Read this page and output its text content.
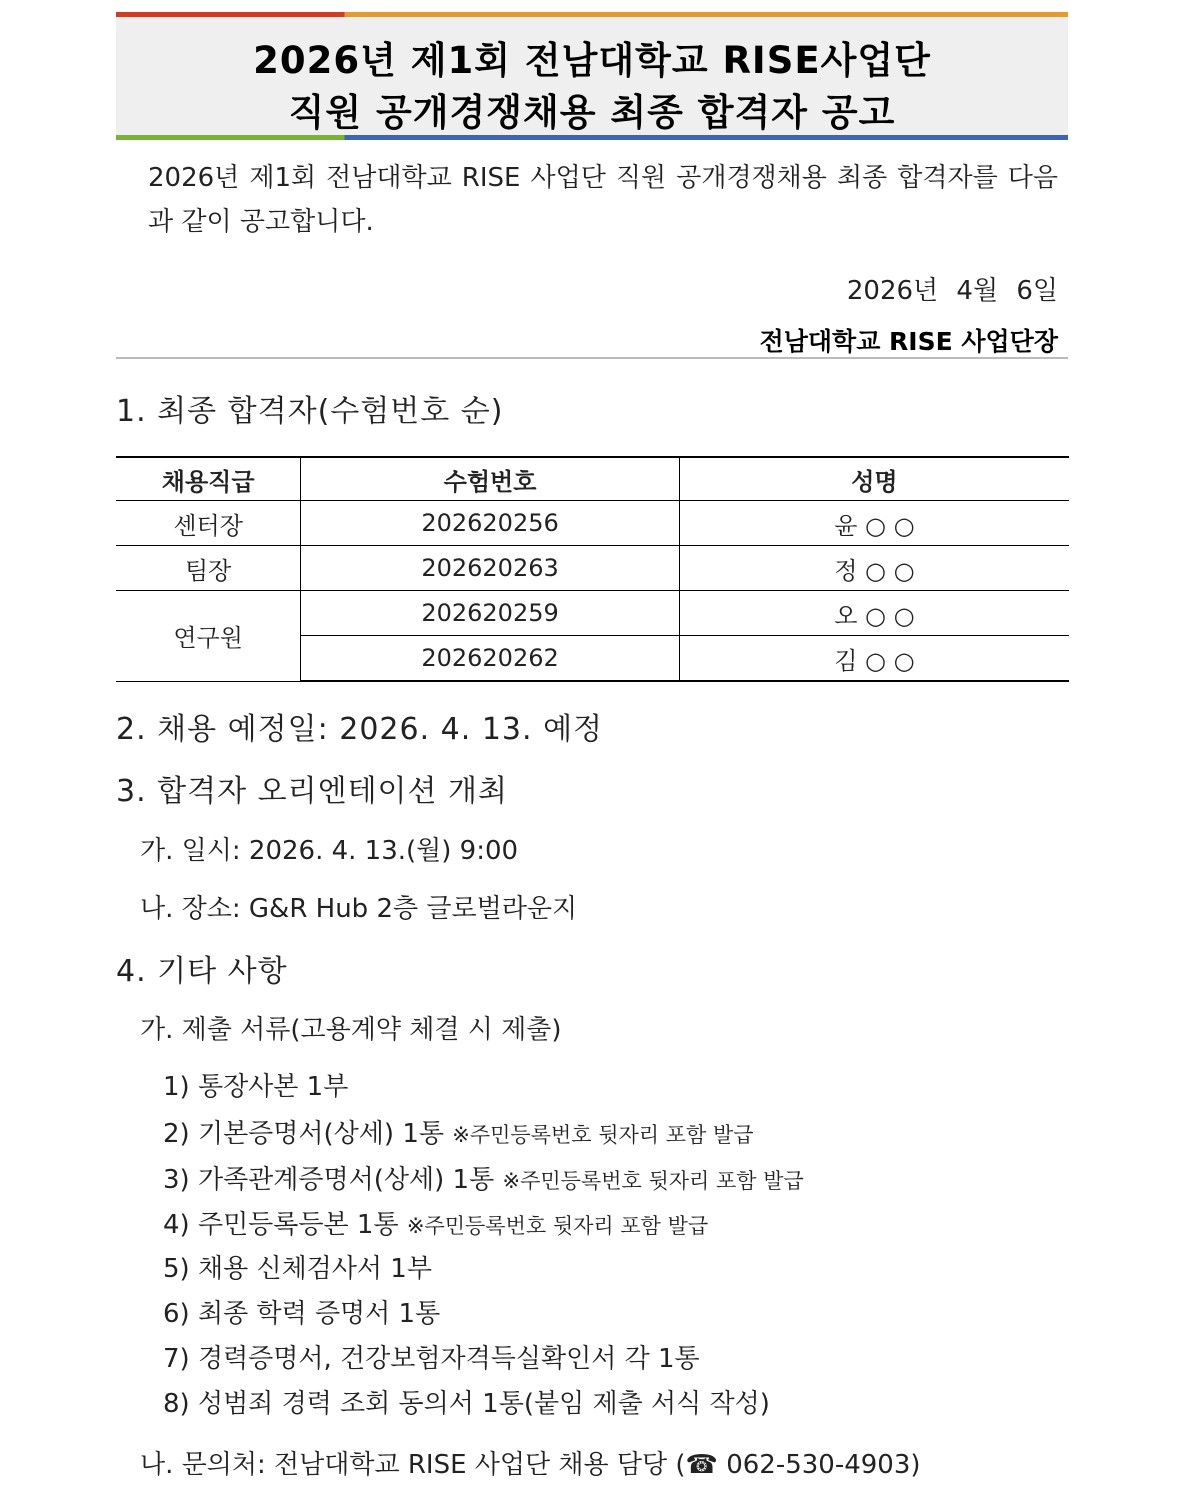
2026년 제1회 전남대학교 RISE사업단
직원 공개경쟁채용 최종 합격자 공고
2026년 제1회 전남대학교 RISE 사업단 직원 공개경쟁채용 최종 합격자를 다음과 같이 공고합니다.
2026년 4월 6일
전남대학교 RISE 사업단장
1. 최종 합격자(수험번호 순)
채용직급	수험번호	성명
센터장	202620256	윤 ○ ○
팀장	202620263	정 ○ ○
연구원	202620259	오 ○ ○
	202620262	김 ○ ○
2. 채용 예정일: 2026. 4. 13. 예정
3. 합격자 오리엔테이션 개최
가. 일시: 2026. 4. 13.(월) 9:00
나. 장소: G&R Hub 2층 글로벌라운지
4. 기타 사항
가. 제출 서류(고용계약 체결 시 제출)
1) 통장사본 1부
2) 기본증명서(상세) 1통 ※주민등록번호 뒷자리 포함 발급
3) 가족관계증명서(상세) 1통 ※주민등록번호 뒷자리 포함 발급
4) 주민등록등본 1통 ※주민등록번호 뒷자리 포함 발급
5) 채용 신체검사서 1부
6) 최종 학력 증명서 1통
7) 경력증명서, 건강보험자격득실확인서 각 1통
8) 성범죄 경력 조회 동의서 1통(붙임 제출 서식 작성)
나. 문의처: 전남대학교 RISE 사업단 채용 담당 (☎ 062-530-4903)
